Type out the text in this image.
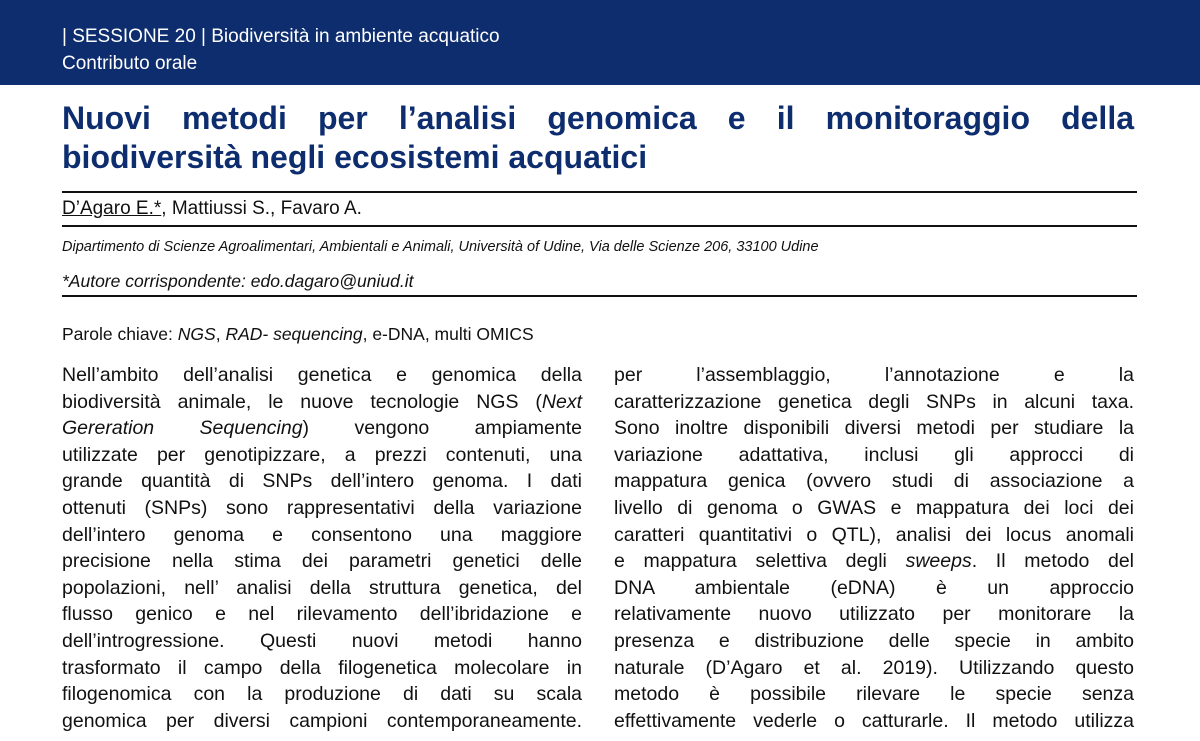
| SESSIONE 20 | Biodiversità in ambiente acquatico
Contributo orale
Nuovi metodi per l’analisi genomica e il monitoraggio della biodiversità negli ecosistemi acquatici
D’Agaro E.*, Mattiussi S., Favaro A.
Dipartimento di Scienze Agroalimentari, Ambientali e Animali, Università of Udine, Via delle Scienze 206, 33100 Udine
*Autore corrispondente: edo.dagaro@uniud.it
Parole chiave: NGS, RAD- sequencing, e-DNA, multi OMICS
Nell’ambito dell’analisi genetica e genomica della
biodiversità animale, le nuove tecnologie NGS (Next
Gereration Sequencing) vengono ampiamente
utilizzate per genotipizzare, a prezzi contenuti, una
grande quantità di SNPs dell’intero genoma. I dati
ottenuti (SNPs) sono rappresentativi della variazione
dell’intero genoma e consentono una maggiore
precisione nella stima dei parametri genetici delle
popolazioni, nell’ analisi della struttura genetica, del
flusso genico e nel rilevamento dell’ibridazione e
dell’introgressione. Questi nuovi metodi hanno
trasformato il campo della filogenetica molecolare in
filogenomica con la produzione di dati su scala
genomica per diversi campioni contemporaneamente.
per l’assemblaggio, l’annotazione e la
caratterizzazione genetica degli SNPs in alcuni taxa.
Sono inoltre disponibili diversi metodi per studiare la
variazione adattativa, inclusi gli approcci di
mappatura genica (ovvero studi di associazione a
livello di genoma o GWAS e mappatura dei loci dei
caratteri quantitativi o QTL), analisi dei locus anomali
e mappatura selettiva degli sweeps. Il metodo del
DNA ambientale (eDNA) è un approccio
relativamente nuovo utilizzato per monitorare la
presenza e distribuzione delle specie in ambito
naturale (D’Agaro et al. 2019). Utilizzando questo
metodo è possibile rilevare le specie senza
effettivamente vederle o catturarle. Il metodo utilizza
